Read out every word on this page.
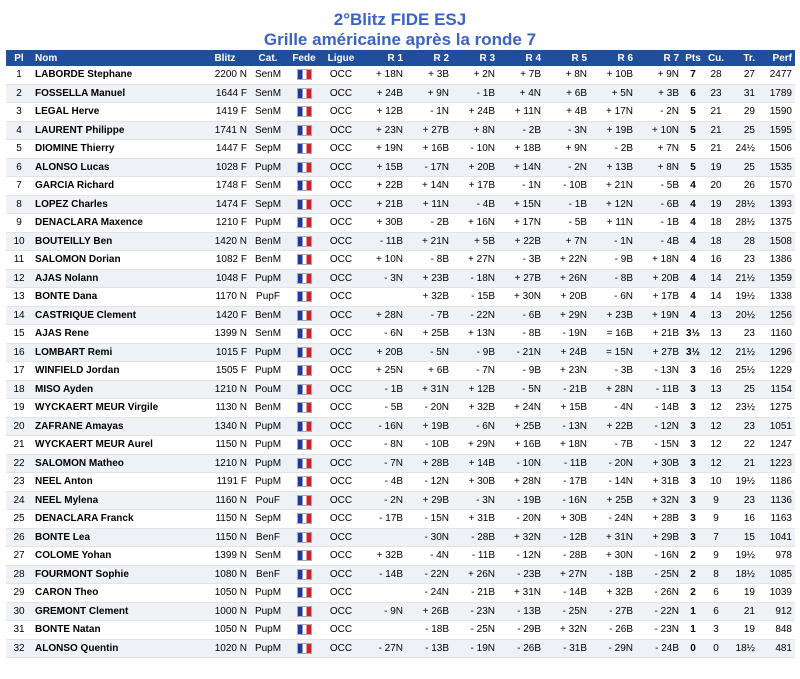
2°Blitz FIDE ESJ
Grille américaine après la ronde 7
Pl	Nom	Blitz	Cat.	Fede	Ligue	R 1	R 2	R 3	R 4	R 5	R 6	R 7	Pts	Cu.	Tr.	Perf
1	LABORDE Stephane	2200 N	SenM		OCC	+ 18N	+ 3B	+ 2N	+ 7B	+ 8N	+ 10B	+ 9N	7	28	27	2477
2	FOSSELLA Manuel	1644 F	SenM		OCC	+ 24B	+ 9N	- 1B	+ 4N	+ 6B	+ 5N	+ 3B	6	23	31	1789
3	LEGAL Herve	1419 F	SenM		OCC	+ 12B	- 1N	+ 24B	+ 11N	+ 4B	+ 17N	- 2N	5	21	29	1590
4	LAURENT Philippe	1741 N	SenM		OCC	+ 23N	+ 27B	+ 8N	- 2B	- 3N	+ 19B	+ 10N	5	21	25	1595
5	DIOMINE Thierry	1447 F	SepM		OCC	+ 19N	+ 16B	- 10N	+ 18B	+ 9N	- 2B	+ 7N	5	21	24½	1506
6	ALONSO Lucas	1028 F	PupM		OCC	+ 15B	- 17N	+ 20B	+ 14N	- 2N	+ 13B	+ 8N	5	19	25	1535
7	GARCIA Richard	1748 F	SenM		OCC	+ 22B	+ 14N	+ 17B	- 1N	- 10B	+ 21N	- 5B	4	20	26	1570
8	LOPEZ Charles	1474 F	SepM		OCC	+ 21B	+ 11N	- 4B	+ 15N	- 1B	+ 12N	- 6B	4	19	28½	1393
9	DENACLARA Maxence	1210 F	PupM		OCC	+ 30B	- 2B	+ 16N	+ 17N	- 5B	+ 11N	- 1B	4	18	28½	1375
10	BOUTEILLY Ben	1420 N	BenM		OCC	- 11B	+ 21N	+ 5B	+ 22B	+ 7N	- 1N	- 4B	4	18	28	1508
11	SALOMON Dorian	1082 F	BenM		OCC	+ 10N	- 8B	+ 27N	- 3B	+ 22N	- 9B	+ 18N	4	16	23	1386
12	AJAS Nolann	1048 F	PupM		OCC	- 3N	+ 23B	- 18N	+ 27B	+ 26N	- 8B	+ 20B	4	14	21½	1359
13	BONTE Dana	1170 N	PupF		OCC		+ 32B	- 15B	+ 30N	+ 20B	- 6N	+ 17B	4	14	19½	1338
14	CASTRIQUE Clement	1420 F	BenM		OCC	+ 28N	- 7B	- 22N	- 6B	+ 29N	+ 23B	+ 19N	4	13	20½	1256
15	AJAS Rene	1399 N	SenM		OCC	- 6N	+ 25B	+ 13N	- 8B	- 19N	= 16B	+ 21B	3½	13	23	1160
16	LOMBART Remi	1015 F	PupM		OCC	+ 20B	- 5N	- 9B	- 21N	+ 24B	= 15N	+ 27B	3½	12	21½	1296
17	WINFIELD Jordan	1505 F	PupM		OCC	+ 25N	+ 6B	- 7N	- 9B	+ 23N	- 3B	- 13N	3	16	25½	1229
18	MISO Ayden	1210 N	PouM		OCC	- 1B	+ 31N	+ 12B	- 5N	- 21B	+ 28N	- 11B	3	13	25	1154
19	WYCKAERT MEUR Virgile	1130 N	BenM		OCC	- 5B	- 20N	+ 32B	+ 24N	+ 15B	- 4N	- 14B	3	12	23½	1275
20	ZAFRANE Amayas	1340 N	PupM		OCC	- 16N	+ 19B	- 6N	+ 25B	- 13N	+ 22B	- 12N	3	12	23	1051
21	WYCKAERT MEUR Aurel	1150 N	PupM		OCC	- 8N	- 10B	+ 29N	+ 16B	+ 18N	- 7B	- 15N	3	12	22	1247
22	SALOMON Matheo	1210 N	PupM		OCC	- 7N	+ 28B	+ 14B	- 10N	- 11B	- 20N	+ 30B	3	12	21	1223
23	NEEL Anton	1191 F	PupM		OCC	- 4B	- 12N	+ 30B	+ 28N	- 17B	- 14N	+ 31B	3	10	19½	1186
24	NEEL Mylena	1160 N	PouF		OCC	- 2N	+ 29B	- 3N	- 19B	- 16N	+ 25B	+ 32N	3	9	23	1136
25	DENACLARA Franck	1150 N	SepM		OCC	- 17B	- 15N	+ 31B	- 20N	+ 30B	- 24N	+ 28B	3	9	16	1163
26	BONTE Lea	1150 N	BenF		OCC		- 30N	- 28B	+ 32N	- 12B	+ 31N	+ 29B	3	7	15	1041
27	COLOME Yohan	1399 N	SenM		OCC	+ 32B	- 4N	- 11B	- 12N	- 28B	+ 30N	- 16N	2	9	19½	978
28	FOURMONT Sophie	1080 N	BenF		OCC	- 14B	- 22N	+ 26N	- 23B	+ 27N	- 18B	- 25N	2	8	18½	1085
29	CARON Theo	1050 N	PupM		OCC		- 24N	- 21B	+ 31N	- 14B	+ 32B	- 26N	2	6	19	1039
30	GREMONT Clement	1000 N	PupM		OCC	- 9N	+ 26B	- 23N	- 13B	- 25N	- 27B	- 22N	1	6	21	912
31	BONTE Natan	1050 N	PupM		OCC		- 18B	- 25N	- 29B	+ 32N	- 26B	- 23N	1	3	19	848
32	ALONSO Quentin	1020 N	PupM		OCC	- 27N	- 13B	- 19N	- 26B	- 31B	- 29N	- 24B	0	0	18½	481
